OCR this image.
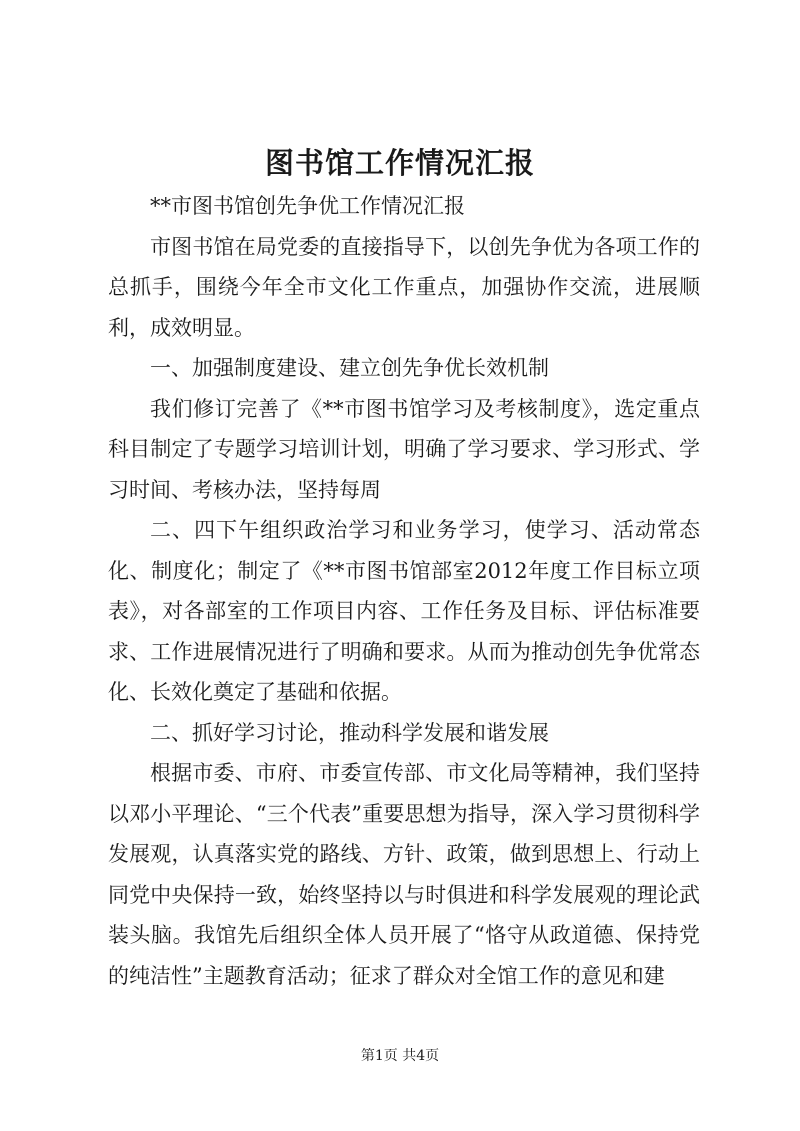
图书馆工作情况汇报

**市图书馆创先争优工作情况汇报

市图书馆在局党委的直接指导下，以创先争优为各项工作的总抓手，围绕今年全市文化工作重点，加强协作交流，进展顺利，成效明显。

一、加强制度建设、建立创先争优长效机制

我们修订完善了《**市图书馆学习及考核制度》，选定重点科目制定了专题学习培训计划，明确了学习要求、学习形式、学习时间、考核办法，坚持每周

二、四下午组织政治学习和业务学习，使学习、活动常态化、制度化；制定了《**市图书馆部室2012年度工作目标立项表》，对各部室的工作项目内容、工作任务及目标、评估标准要求、工作进展情况进行了明确和要求。从而为推动创先争优常态化、长效化奠定了基础和依据。

二、抓好学习讨论，推动科学发展和谐发展

根据市委、市府、市委宣传部、市文化局等精神，我们坚持以邓小平理论、“三个代表”重要思想为指导，深入学习贯彻科学发展观，认真落实党的路线、方针、政策，做到思想上、行动上同党中央保持一致，始终坚持以与时俱进和科学发展观的理论武装头脑。我馆先后组织全体人员开展了“恪守从政道德、保持党的纯洁性”主题教育活动；征求了群众对全馆工作的意见和建

第1页 共4页
